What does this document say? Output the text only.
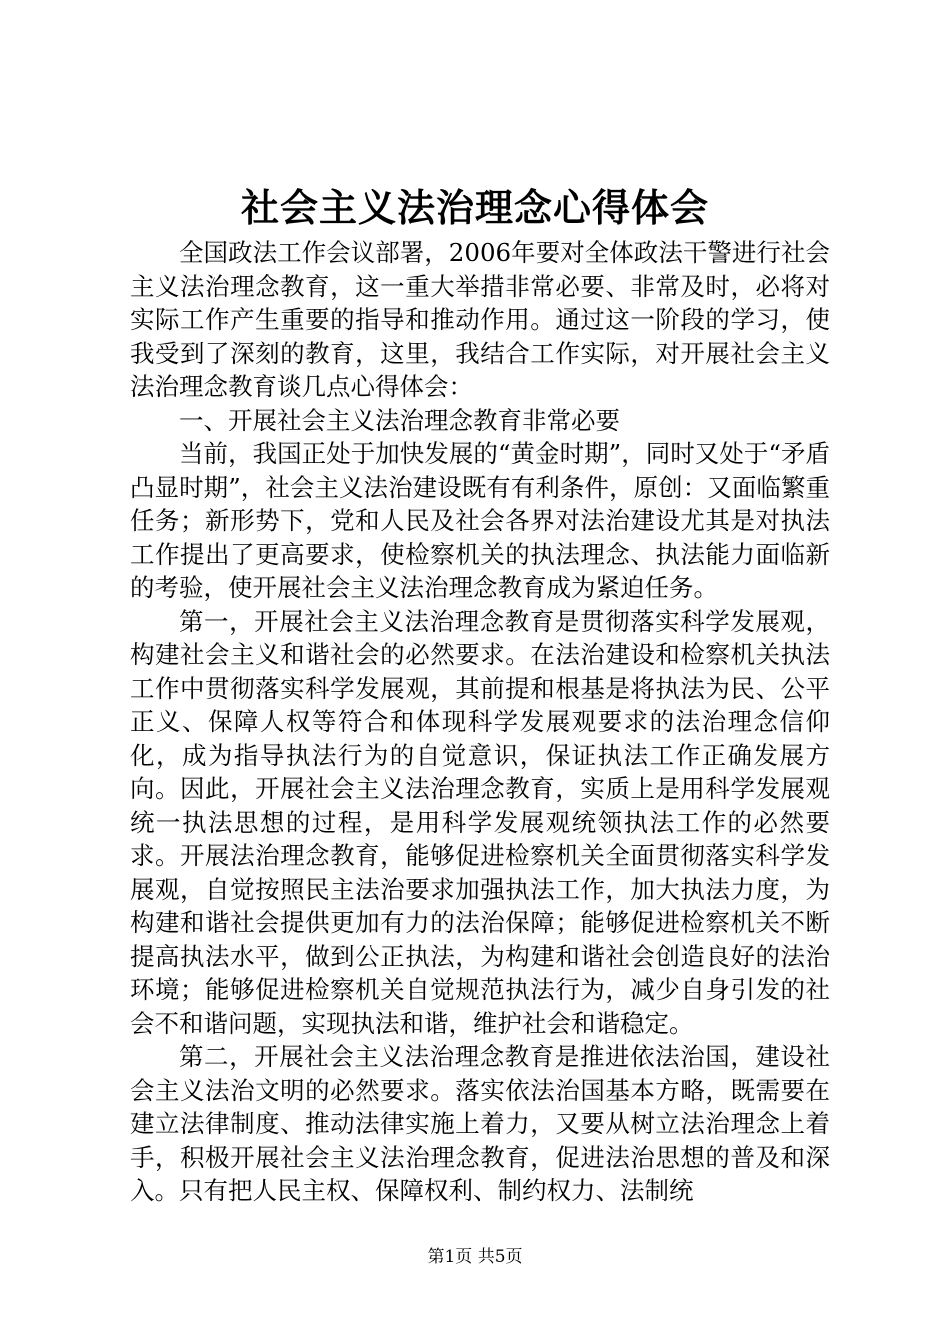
社会主义法治理念心得体会

全国政法工作会议部署，2006年要对全体政法干警进行社会主义法治理念教育，这一重大举措非常必要、非常及时，必将对实际工作产生重要的指导和推动作用。通过这一阶段的学习，使我受到了深刻的教育，这里，我结合工作实际，对开展社会主义法治理念教育谈几点心得体会：

一、开展社会主义法治理念教育非常必要

当前，我国正处于加快发展的“黄金时期”，同时又处于“矛盾凸显时期”，社会主义法治建设既有有利条件，原创：又面临繁重任务；新形势下，党和人民及社会各界对法治建设尤其是对执法工作提出了更高要求，使检察机关的执法理念、执法能力面临新的考验，使开展社会主义法治理念教育成为紧迫任务。

第一，开展社会主义法治理念教育是贯彻落实科学发展观，构建社会主义和谐社会的必然要求。在法治建设和检察机关执法工作中贯彻落实科学发展观，其前提和根基是将执法为民、公平正义、保障人权等符合和体现科学发展观要求的法治理念信仰化，成为指导执法行为的自觉意识，保证执法工作正确发展方向。因此，开展社会主义法治理念教育，实质上是用科学发展观统一执法思想的过程，是用科学发展观统领执法工作的必然要求。开展法治理念教育，能够促进检察机关全面贯彻落实科学发展观，自觉按照民主法治要求加强执法工作，加大执法力度，为构建和谐社会提供更加有力的法治保障；能够促进检察机关不断提高执法水平，做到公正执法，为构建和谐社会创造良好的法治环境；能够促进检察机关自觉规范执法行为，减少自身引发的社会不和谐问题，实现执法和谐，维护社会和谐稳定。

第二，开展社会主义法治理念教育是推进依法治国，建设社会主义法治文明的必然要求。落实依法治国基本方略，既需要在建立法律制度、推动法律实施上着力，又要从树立法治理念上着手，积极开展社会主义法治理念教育，促进法治思想的普及和深入。只有把人民主权、保障权利、制约权力、法制统

第1页 共5页
